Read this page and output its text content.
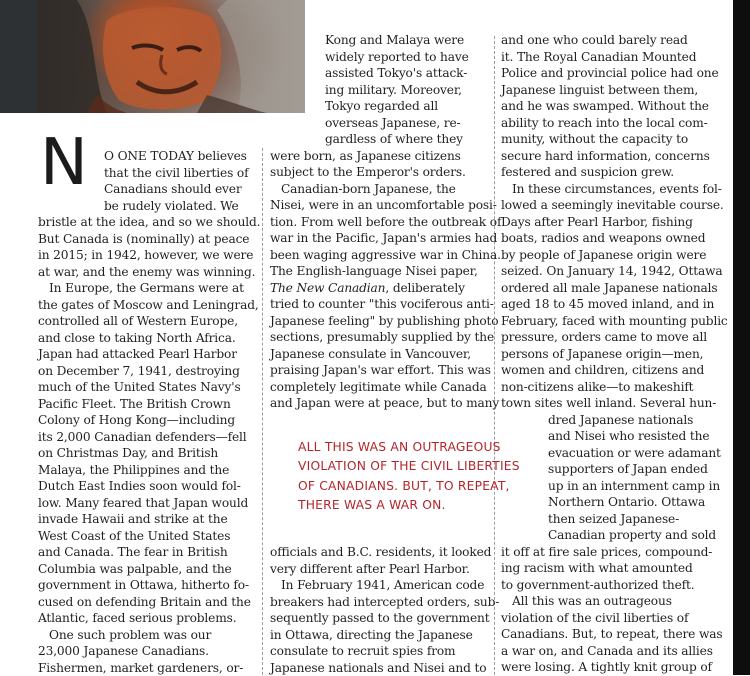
N O ONE TODAY believes
that the civil liberties of
Canadians should ever
be rudely violated. We
bristle at the idea, and so we should.
But Canada is (nominally) at peace
in 2015; in 1942, however, we were
at war, and the enemy was winning.
In Europe, the Germans were at
the gates of Moscow and Leningrad,
controlled all of Western Europe,
and close to taking North Africa.
Japan had attacked Pearl Harbor
on December 7, 1941, destroying
much of the United States Navy's
Pacific Fleet. The British Crown
Colony of Hong Kong—including
its 2,000 Canadian defenders—fell
on Christmas Day, and British
Malaya, the Philippines and the
Dutch East Indies soon would fol-
low. Many feared that Japan would
invade Hawaii and strike at the
West Coast of the United States
and Canada. The fear in British
Columbia was palpable, and the
government in Ottawa, hitherto fo-
cused on defending Britain and the
Atlantic, faced serious problems.
One such problem was our
23,000 Japanese Canadians.
Fishermen, market gardeners, or-
Kong and Malaya were
widely reported to have
assisted Tokyo's attack-
ing military. Moreover,
Tokyo regarded all
overseas Japanese, re-
gardless of where they
were born, as Japanese citizens
subject to the Emperor's orders.
Canadian-born Japanese, the
Nisei, were in an uncomfortable posi-
tion. From well before the outbreak of
war in the Pacific, Japan's armies had
been waging aggressive war in China.
The English-language Nisei paper,
The New Canadian, deliberately
tried to counter "this vociferous anti-
Japanese feeling" by publishing photo
sections, presumably supplied by the
Japanese consulate in Vancouver,
praising Japan's war effort. This was
completely legitimate while Canada
and Japan were at peace, but to many
officials and B.C. residents, it looked
very different after Pearl Harbor.
In February 1941, American code
breakers had intercepted orders, sub-
sequently passed to the government
in Ottawa, directing the Japanese
consulate to recruit spies from
Japanese nationals and Nisei and to
ALL THIS WAS AN OUTRAGEOUS
VIOLATION OF THE CIVIL LIBERTIES
OF CANADIANS. BUT, TO REPEAT,
THERE WAS A WAR ON.
and one who could barely read
it. The Royal Canadian Mounted
Police and provincial police had one
Japanese linguist between them,
and he was swamped. Without the
ability to reach into the local com-
munity, without the capacity to
secure hard information, concerns
festered and suspicion grew.
In these circumstances, events fol-
lowed a seemingly inevitable course.
Days after Pearl Harbor, fishing
boats, radios and weapons owned
by people of Japanese origin were
seized. On January 14, 1942, Ottawa
ordered all male Japanese nationals
aged 18 to 45 moved inland, and in
February, faced with mounting public
pressure, orders came to move all
persons of Japanese origin—men,
women and children, citizens and
non-citizens alike—to makeshift
town sites well inland. Several hun-
dred Japanese nationals
and Nisei who resisted the
evacuation or were adamant
supporters of Japan ended
up in an internment camp in
Northern Ontario. Ottawa
then seized Japanese-
Canadian property and sold
it off at fire sale prices, compound-
ing racism with what amounted
to government-authorized theft.
All this was an outrageous
violation of the civil liberties of
Canadians. But, to repeat, there was
a war on, and Canada and its allies
were losing. A tightly knit group of
